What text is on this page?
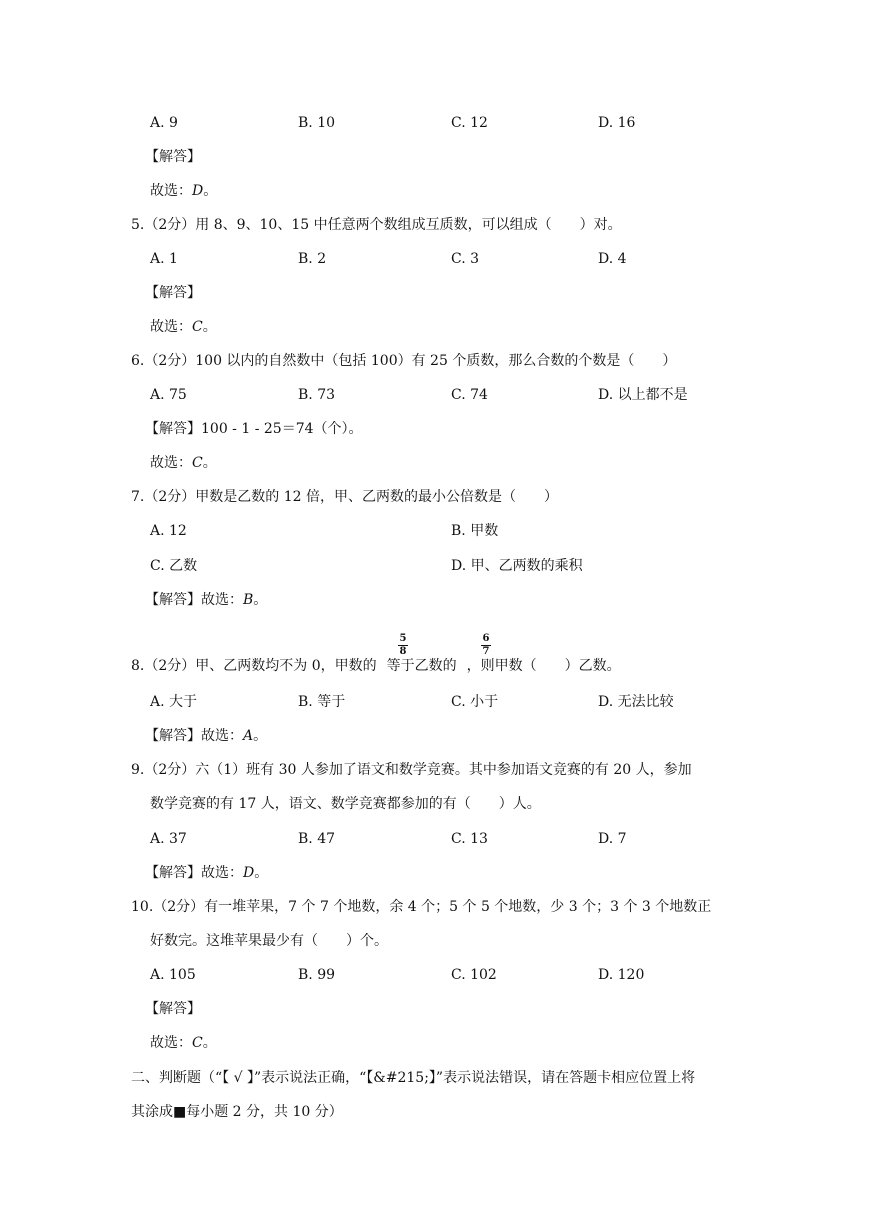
A. 9	B. 10	C. 12	D. 16
【解答】
故选：D。
5.（2分）用 8、9、10、15 中任意两个数组成互质数，可以组成（　　）对。
A. 1	B. 2	C. 3	D. 4
【解答】
故选：C。
6.（2分）100 以内的自然数中（包括 100）有 25 个质数，那么合数的个数是（　　）
A. 75	B. 73	C. 74	D. 以上都不是
【解答】100 - 1 - 25＝74（个）。
故选：C。
7.（2分）甲数是乙数的 12 倍，甲、乙两数的最小公倍数是（　　）
A. 12	B. 甲数
C. 乙数	D. 甲、乙两数的乘积
【解答】故选：B。
8.（2分）甲、乙两数均不为 0，甲数的 等于乙数的 ，则甲数（　　）乙数。
5
8
6
7
A. 大于	B. 等于	C. 小于	D. 无法比较
【解答】故选：A。
9.（2分）六（1）班有 30 人参加了语文和数学竞赛。其中参加语文竞赛的有 20 人，参加
数学竞赛的有 17 人，语文、数学竞赛都参加的有（　　）人。
A. 37	B. 47	C. 13	D. 7
【解答】故选：D。
10.（2分）有一堆苹果，7 个 7 个地数，余 4 个；5 个 5 个地数，少 3 个；3 个 3 个地数正
好数完。这堆苹果最少有（　　）个。
A. 105	B. 99	C. 102	D. 120
【解答】
故选：C。
二、判断题（“【 √ 】”表示说法正确，“【&#215;】”表示说法错误，请在答题卡相应位置上将
其涂成■每小题 2 分，共 10 分）
